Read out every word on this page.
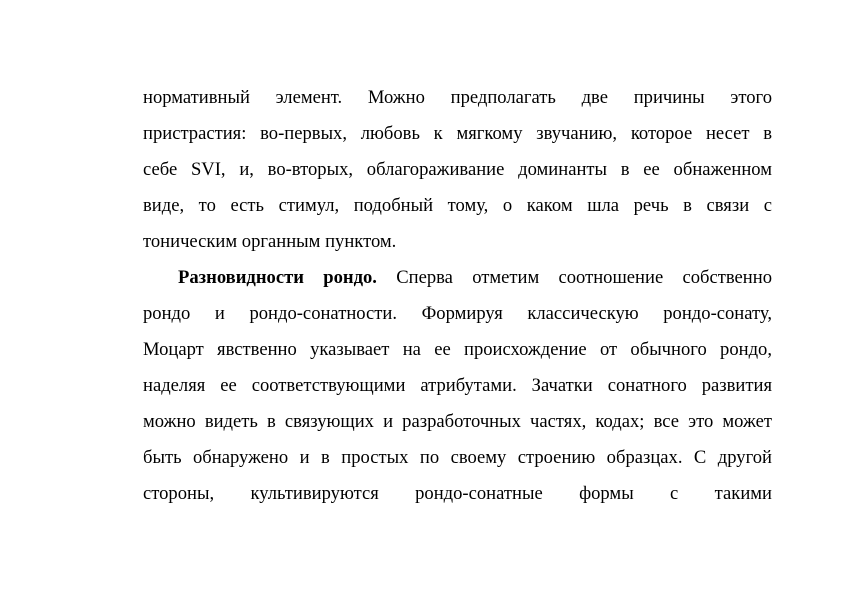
нормативный элемент. Можно предполагать две причины этого
пристрастия: во-первых, любовь к мягкому звучанию, которое несет в
себе SVI, и, во-вторых, облагораживание доминанты в ее обнаженном
виде, то есть стимул, подобный тому, о каком шла речь в связи с
тоническим органным пунктом.
Разновидности рондо. Сперва отметим соотношение собственно
рондо и рондо-сонатности. Формируя классическую рондо-сонату,
Моцарт явственно указывает на ее происхождение от обычного рондо,
наделяя ее соответствующими атрибутами. Зачатки сонатного развития
можно видеть в связующих и разработочных частях, кодах; все это может
быть обнаружено и в простых по своему строению образцах. С другой
стороны, культивируются рондо-сонатные формы с такими
